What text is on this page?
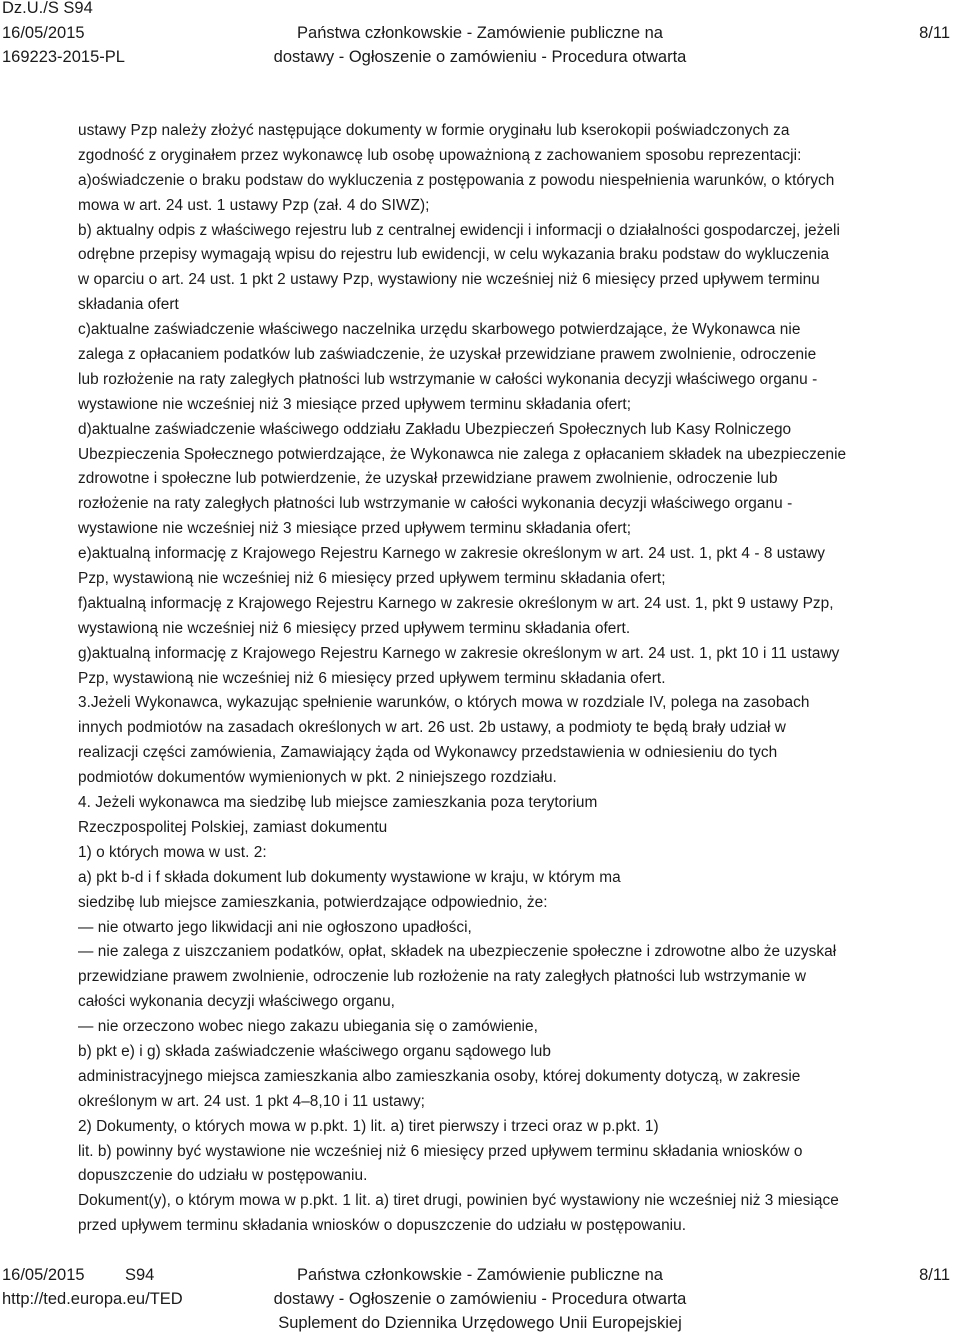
Dz.U./S S94
16/05/2015
169223-2015-PL
Państwa członkowskie - Zamówienie publiczne na
dostawy - Ogłoszenie o zamówieniu - Procedura otwarta
8/11
ustawy Pzp należy złożyć następujące dokumenty w formie oryginału lub kserokopii poświadczonych za
zgodność z oryginałem przez wykonawcę lub osobę upoważnioną z zachowaniem sposobu reprezentacji:
a)oświadczenie o braku podstaw do wykluczenia z postępowania z powodu niespełnienia warunków, o których
mowa w art. 24 ust. 1 ustawy Pzp (zał. 4 do SIWZ);
b) aktualny odpis z właściwego rejestru lub z centralnej ewidencji i informacji o działalności gospodarczej, jeżeli
odrębne przepisy wymagają wpisu do rejestru lub ewidencji, w celu wykazania braku podstaw do wykluczenia
w oparciu o art. 24 ust. 1 pkt 2 ustawy Pzp, wystawiony nie wcześniej niż 6 miesięcy przed upływem terminu
składania ofert
c)aktualne zaświadczenie właściwego naczelnika urzędu skarbowego potwierdzające, że Wykonawca nie
zalega z opłacaniem podatków lub zaświadczenie, że uzyskał przewidziane prawem zwolnienie, odroczenie
lub rozłożenie na raty zaległych płatności lub wstrzymanie w całości wykonania decyzji właściwego organu -
wystawione nie wcześniej niż 3 miesiące przed upływem terminu składania ofert;
d)aktualne zaświadczenie właściwego oddziału Zakładu Ubezpieczeń Społecznych lub Kasy Rolniczego
Ubezpieczenia Społecznego potwierdzające, że Wykonawca nie zalega z opłacaniem składek na ubezpieczenie
zdrowotne i społeczne lub potwierdzenie, że uzyskał przewidziane prawem zwolnienie, odroczenie lub
rozłożenie na raty zaległych płatności lub wstrzymanie w całości wykonania decyzji właściwego organu -
wystawione nie wcześniej niż 3 miesiące przed upływem terminu składania ofert;
e)aktualną informację z Krajowego Rejestru Karnego w zakresie określonym w art. 24 ust. 1, pkt 4 - 8 ustawy
Pzp, wystawioną nie wcześniej niż 6 miesięcy przed upływem terminu składania ofert;
f)aktualną informację z Krajowego Rejestru Karnego w zakresie określonym w art. 24 ust. 1, pkt 9 ustawy Pzp,
wystawioną nie wcześniej niż 6 miesięcy przed upływem terminu składania ofert.
g)aktualną informację z Krajowego Rejestru Karnego w zakresie określonym w art. 24 ust. 1, pkt 10 i 11 ustawy
Pzp, wystawioną nie wcześniej niż 6 miesięcy przed upływem terminu składania ofert.
3.Jeżeli Wykonawca, wykazując spełnienie warunków, o których mowa w rozdziale IV, polega na zasobach
innych podmiotów na zasadach określonych w art. 26 ust. 2b ustawy, a podmioty te będą brały udział w
realizacji części zamówienia, Zamawiający żąda od Wykonawcy przedstawienia w odniesieniu do tych
podmiotów dokumentów wymienionych w pkt. 2 niniejszego rozdziału.
4. Jeżeli wykonawca ma siedzibę lub miejsce zamieszkania poza terytorium
Rzeczpospolitej Polskiej, zamiast dokumentu
1) o których mowa w ust. 2:
a) pkt b-d i f składa dokument lub dokumenty wystawione w kraju, w którym ma
siedzibę lub miejsce zamieszkania, potwierdzające odpowiednio, że:
— nie otwarto jego likwidacji ani nie ogłoszono upadłości,
— nie zalega z uiszczaniem podatków, opłat, składek na ubezpieczenie społeczne i zdrowotne albo że uzyskał
przewidziane prawem zwolnienie, odroczenie lub rozłożenie na raty zaległych płatności lub wstrzymanie w
całości wykonania decyzji właściwego organu,
— nie orzeczono wobec niego zakazu ubiegania się o zamówienie,
b) pkt e) i g) składa zaświadczenie właściwego organu sądowego lub
administracyjnego miejsca zamieszkania albo zamieszkania osoby, której dokumenty dotyczą, w zakresie
określonym w art. 24 ust. 1 pkt 4–8,10 i 11 ustawy;
2) Dokumenty, o których mowa w p.pkt. 1) lit. a) tiret pierwszy i trzeci oraz w p.pkt. 1)
lit. b) powinny być wystawione nie wcześniej niż 6 miesięcy przed upływem terminu składania wniosków o
dopuszczenie do udziału w postępowaniu.
Dokument(y), o którym mowa w p.pkt. 1 lit. a) tiret drugi, powinien być wystawiony nie wcześniej niż 3 miesiące
przed upływem terminu składania wniosków o dopuszczenie do udziału w postępowaniu.
16/05/2015 S94
http://ted.europa.eu/TED
Państwa członkowskie - Zamówienie publiczne na
dostawy - Ogłoszenie o zamówieniu - Procedura otwarta
Suplement do Dziennika Urzędowego Unii Europejskiej
8/11
